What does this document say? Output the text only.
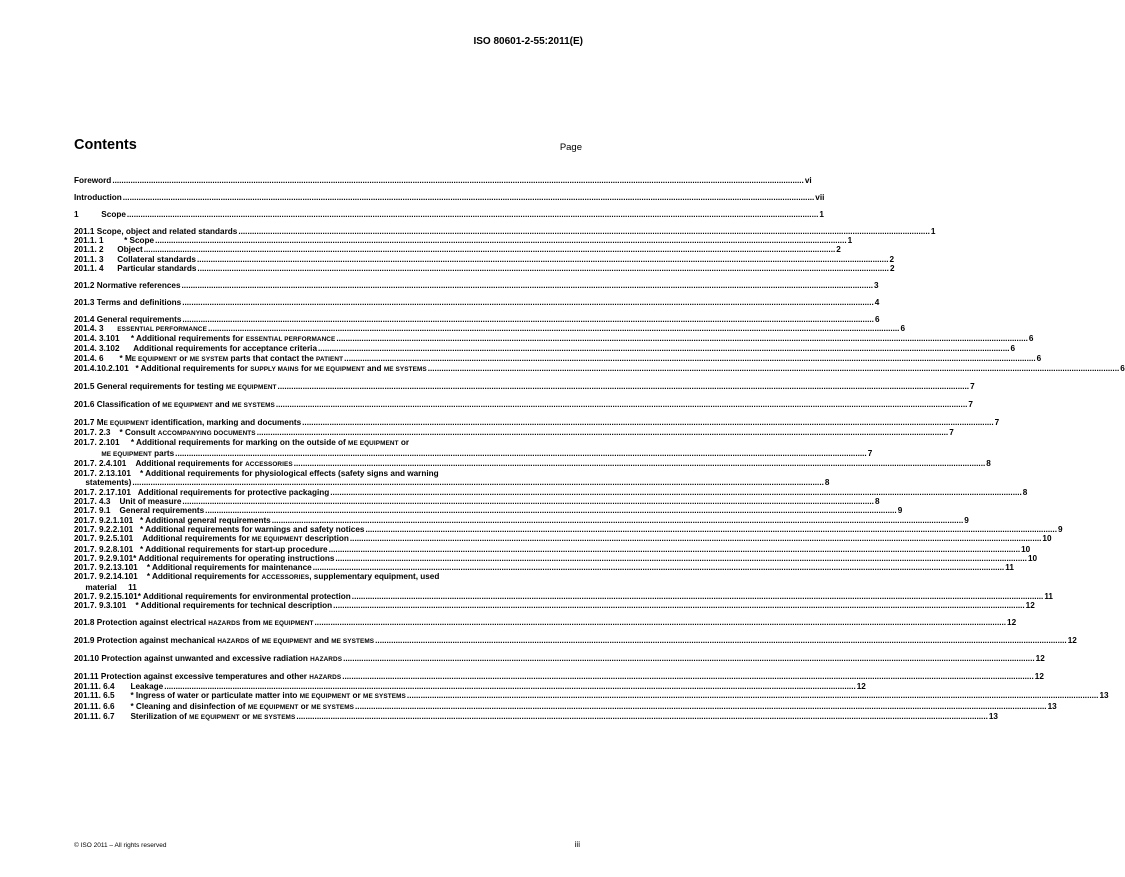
ISO 80601-2-55:2011(E)
Contents	Page
Foreword .....	vi
Introduction .....	vii
1          Scope .....	1
201.1 Scope, object and related standards .....	1
201.1. 1         * Scope .....	1
201.1. 2      Object .....	2
201.1. 3      Collateral standards .....	2
201.1. 4      Particular standards .....	2
201.2 Normative references .....	3
201.3 Terms and definitions .....	4
201.4 General requirements .....	6
201.4. 3      ESSENTIAL PERFORMANCE .....	6
201.4. 3.101     * Additional requirements for ESSENTIAL PERFORMANCE .....	6
201.4. 3.102      Additional requirements for acceptance criteria .....	6
201.4. 6       * ME EQUIPMENT or ME SYSTEM parts that contact the PATIENT .....	6
201.4.10.2.101   * Additional requirements for SUPPLY MAINS for ME EQUIPMENT and ME SYSTEMS .....	6
201.5 General requirements for testing ME EQUIPMENT .....	7
201.6 Classification of ME EQUIPMENT and ME SYSTEMS .....	7
201.7 ME EQUIPMENT identification, marking and documents .....	7
201.7. 2.3    * Consult ACCOMPANYING DOCUMENTS .....	7
201.7. 2.101     * Additional requirements for marking on the outside of ME EQUIPMENT or
ME EQUIPMENT parts .....	7
201.7. 2.4.101    Additional requirements for ACCESSORIES .....	8
201.7. 2.13.101    * Additional requirements for physiological effects (safety signs and warning
statements) .....	8
201.7. 2.17.101   Additional requirements for protective packaging .....	8
201.7. 4.3    Unit of measure .....	8
201.7. 9.1    General requirements .....	9
201.7. 9.2.1.101   * Additional general requirements .....	9
201.7. 9.2.2.101   * Additional requirements for warnings and safety notices .....	9
201.7. 9.2.5.101    Additional requirements for ME EQUIPMENT description .....	10
201.7. 9.2.8.101   * Additional requirements for start-up procedure .....	10
201.7. 9.2.9.101* Additional requirements for operating instructions .....	10
201.7. 9.2.13.101    * Additional requirements for maintenance .....	11
201.7. 9.2.14.101    * Additional requirements for ACCESSORIES, supplementary equipment, used
material     11
201.7. 9.2.15.101* Additional requirements for environmental protection .....	11
201.7. 9.3.101    * Additional requirements for technical description .....	12
201.8 Protection against electrical HAZARDS from ME EQUIPMENT .....	12
201.9 Protection against mechanical HAZARDS of ME EQUIPMENT and ME SYSTEMS .....	12
201.10 Protection against unwanted and excessive radiation HAZARDS .....	12
201.11 Protection against excessive temperatures and other HAZARDS .....	12
201.11. 6.4       Leakage .....	12
201.11. 6.5       * Ingress of water or particulate matter into ME EQUIPMENT or ME SYSTEMS .....	13
201.11. 6.6       * Cleaning and disinfection of ME EQUIPMENT or ME SYSTEMS .....	13
201.11. 6.7       Sterilization of ME EQUIPMENT or ME SYSTEMS .....	13
© ISO 2011 – All rights reserved	iii
